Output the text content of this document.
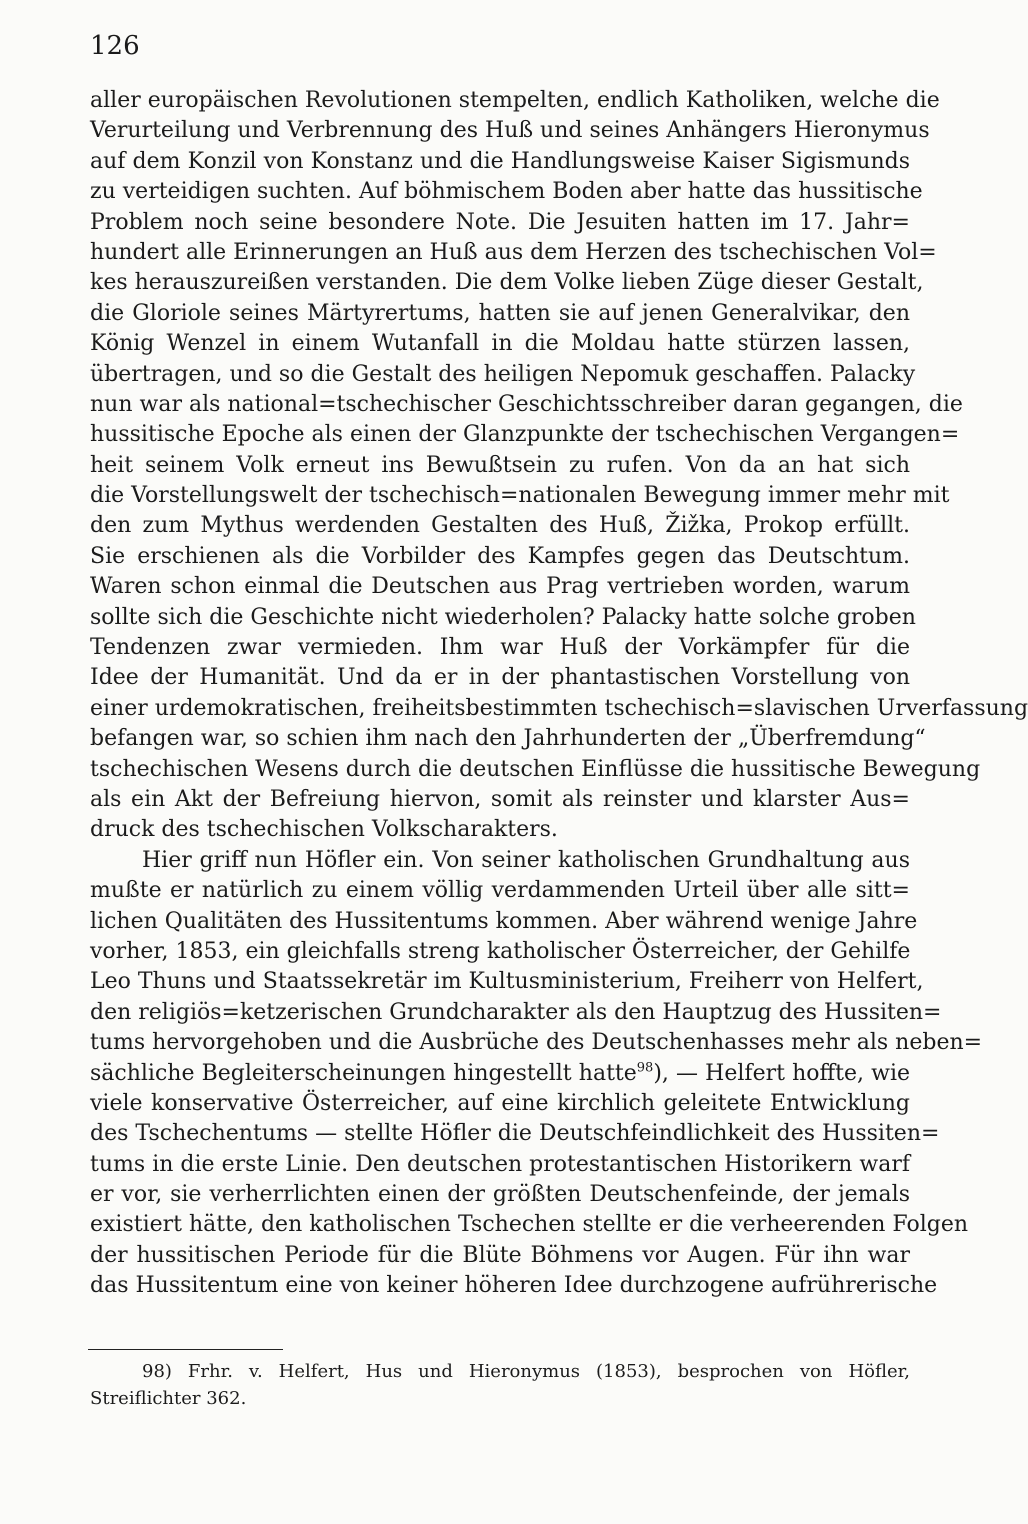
126
aller europäischen Revolutionen stempelten, endlich Katholiken, welche die
Verurteilung und Verbrennung des Huß und seines Anhängers Hieronymus
auf dem Konzil von Konstanz und die Handlungsweise Kaiser Sigismunds
zu verteidigen suchten. Auf böhmischem Boden aber hatte das hussitische
Problem noch seine besondere Note. Die Jesuiten hatten im 17. Jahr=
hundert alle Erinnerungen an Huß aus dem Herzen des tschechischen Vol=
kes herauszureißen verstanden. Die dem Volke lieben Züge dieser Gestalt,
die Gloriole seines Märtyrertums, hatten sie auf jenen Generalvikar, den
König Wenzel in einem Wutanfall in die Moldau hatte stürzen lassen,
übertragen, und so die Gestalt des heiligen Nepomuk geschaffen. Palacky
nun war als national=tschechischer Geschichtsschreiber daran gegangen, die
hussitische Epoche als einen der Glanzpunkte der tschechischen Vergangen=
heit seinem Volk erneut ins Bewußtsein zu rufen. Von da an hat sich
die Vorstellungswelt der tschechisch=nationalen Bewegung immer mehr mit
den zum Mythus werdenden Gestalten des Huß, Žižka, Prokop erfüllt.
Sie erschienen als die Vorbilder des Kampfes gegen das Deutschtum.
Waren schon einmal die Deutschen aus Prag vertrieben worden, warum
sollte sich die Geschichte nicht wiederholen? Palacky hatte solche groben
Tendenzen zwar vermieden. Ihm war Huß der Vorkämpfer für die
Idee der Humanität. Und da er in der phantastischen Vorstellung von
einer urdemokratischen, freiheitsbestimmten tschechisch=slavischen Urverfassung
befangen war, so schien ihm nach den Jahrhunderten der „Überfremdung“
tschechischen Wesens durch die deutschen Einflüsse die hussitische Bewegung
als ein Akt der Befreiung hiervon, somit als reinster und klarster Aus=
druck des tschechischen Volkscharakters.
Hier griff nun Höfler ein. Von seiner katholischen Grundhaltung aus
mußte er natürlich zu einem völlig verdammenden Urteil über alle sitt=
lichen Qualitäten des Hussitentums kommen. Aber während wenige Jahre
vorher, 1853, ein gleichfalls streng katholischer Österreicher, der Gehilfe
Leo Thuns und Staatssekretär im Kultusministerium, Freiherr von Helfert,
den religiös=ketzerischen Grundcharakter als den Hauptzug des Hussiten=
tums hervorgehoben und die Ausbrüche des Deutschenhasses mehr als neben=
sächliche Begleiterscheinungen hingestellt hatte$^{98}$), — Helfert hoffte, wie
viele konservative Österreicher, auf eine kirchlich geleitete Entwicklung
des Tschechentums — stellte Höfler die Deutschfeindlichkeit des Hussiten=
tums in die erste Linie. Den deutschen protestantischen Historikern warf
er vor, sie verherrlichten einen der größten Deutschenfeinde, der jemals
existiert hätte, den katholischen Tschechen stellte er die verheerenden Folgen
der hussitischen Periode für die Blüte Böhmens vor Augen. Für ihn war
das Hussitentum eine von keiner höheren Idee durchzogene aufrührerische
98) Frhr. v. Helfert, Hus und Hieronymus (1853), besprochen von Höfler,
Streiflichter 362.
